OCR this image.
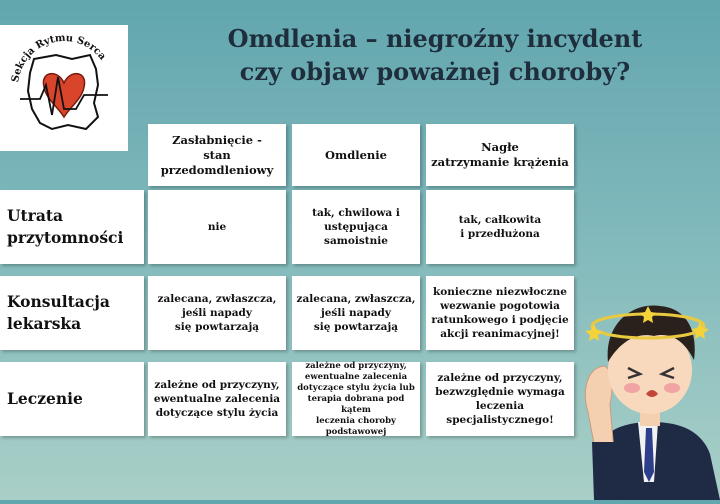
Sekcja Rytmu Serca
Omdlenia – niegroźny incydent
czy objaw poważnej choroby?
Zasłabnięcie -
stan przedomdleniowy
Omdlenie
Nagłe
zatrzymanie krążenia
Utrata
przytomności
nie
tak, chwilowa i
ustępująca samoistnie
tak, całkowita
i przedłużona
Konsultacja
lekarska
zalecana, zwłaszcza,
jeśli napady
się powtarzają
zalecana, zwłaszcza,
jeśli napady
się powtarzają
konieczne niezwłoczne
wezwanie pogotowia
ratunkowego i podjęcie
akcji reanimacyjnej!
Leczenie
zależne od przyczyny,
ewentualne zalecenia
dotyczące stylu życia
zależne od przyczyny,
ewentualne zalecenia
dotyczące stylu życia lub
terapia dobrana pod kątem
leczenia choroby podstawowej
zależne od przyczyny,
bezwzględnie wymaga
leczenia specjalistycznego!
